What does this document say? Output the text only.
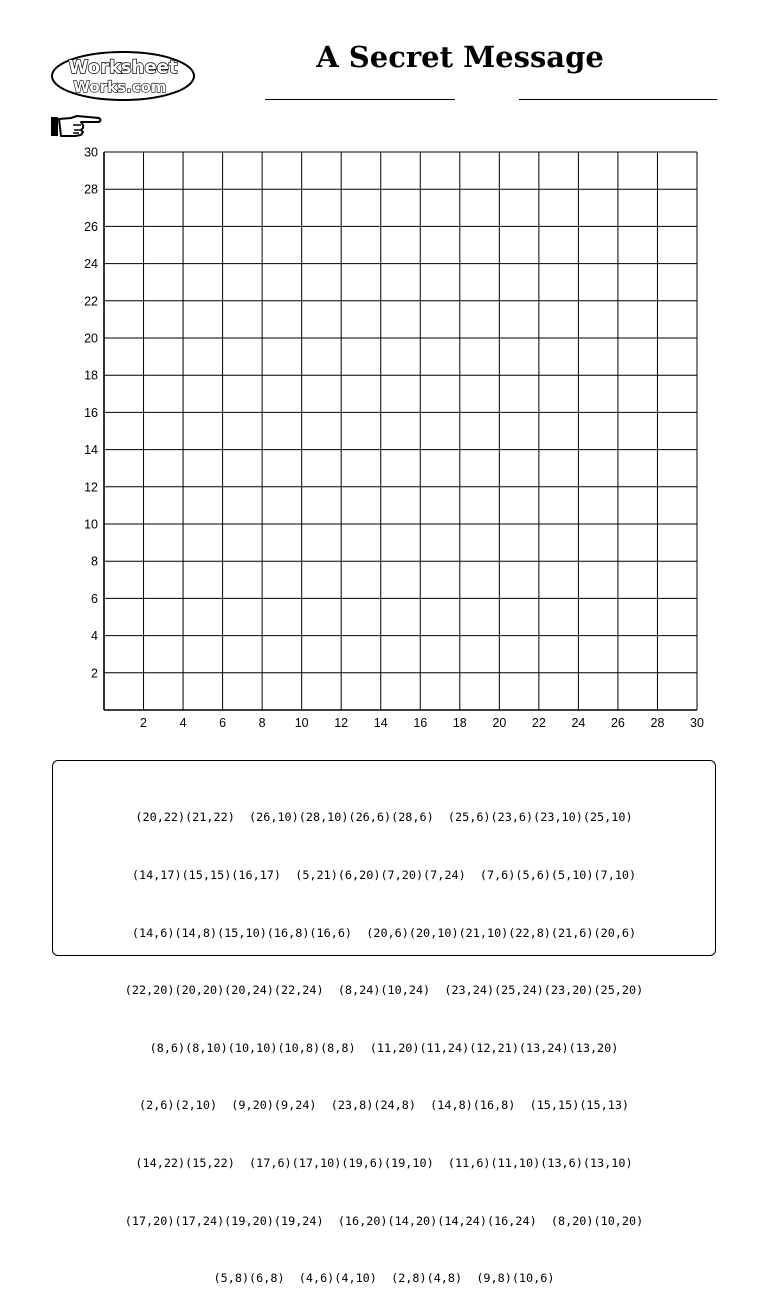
Worksheet
Works.com
A Secret Message
2	4	6	8 10 12 14 16 18 20 22 24 26 28 30
2
4
6
8
10
12
14
16
18
20
22
24
26
28
30

(20,22)(21,22)  (26,10)(28,10)(26,6)(28,6)  (25,6)(23,6)(23,10)(25,10)

(14,17)(15,15)(16,17)  (5,21)(6,20)(7,20)(7,24)  (7,6)(5,6)(5,10)(7,10)

(14,6)(14,8)(15,10)(16,8)(16,6)  (20,6)(20,10)(21,10)(22,8)(21,6)(20,6)

(22,20)(20,20)(20,24)(22,24)  (8,24)(10,24)  (23,24)(25,24)(23,20)(25,20)

(8,6)(8,10)(10,10)(10,8)(8,8)  (11,20)(11,24)(12,21)(13,24)(13,20)

(2,6)(2,10)  (9,20)(9,24)  (23,8)(24,8)  (14,8)(16,8)  (15,15)(15,13)

(14,22)(15,22)  (17,6)(17,10)(19,6)(19,10)  (11,6)(11,10)(13,6)(13,10)

(17,20)(17,24)(19,20)(19,24)  (16,20)(14,20)(14,24)(16,24)  (8,20)(10,20)

(5,8)(6,8)  (4,6)(4,10)  (2,8)(4,8)  (9,8)(10,6)
